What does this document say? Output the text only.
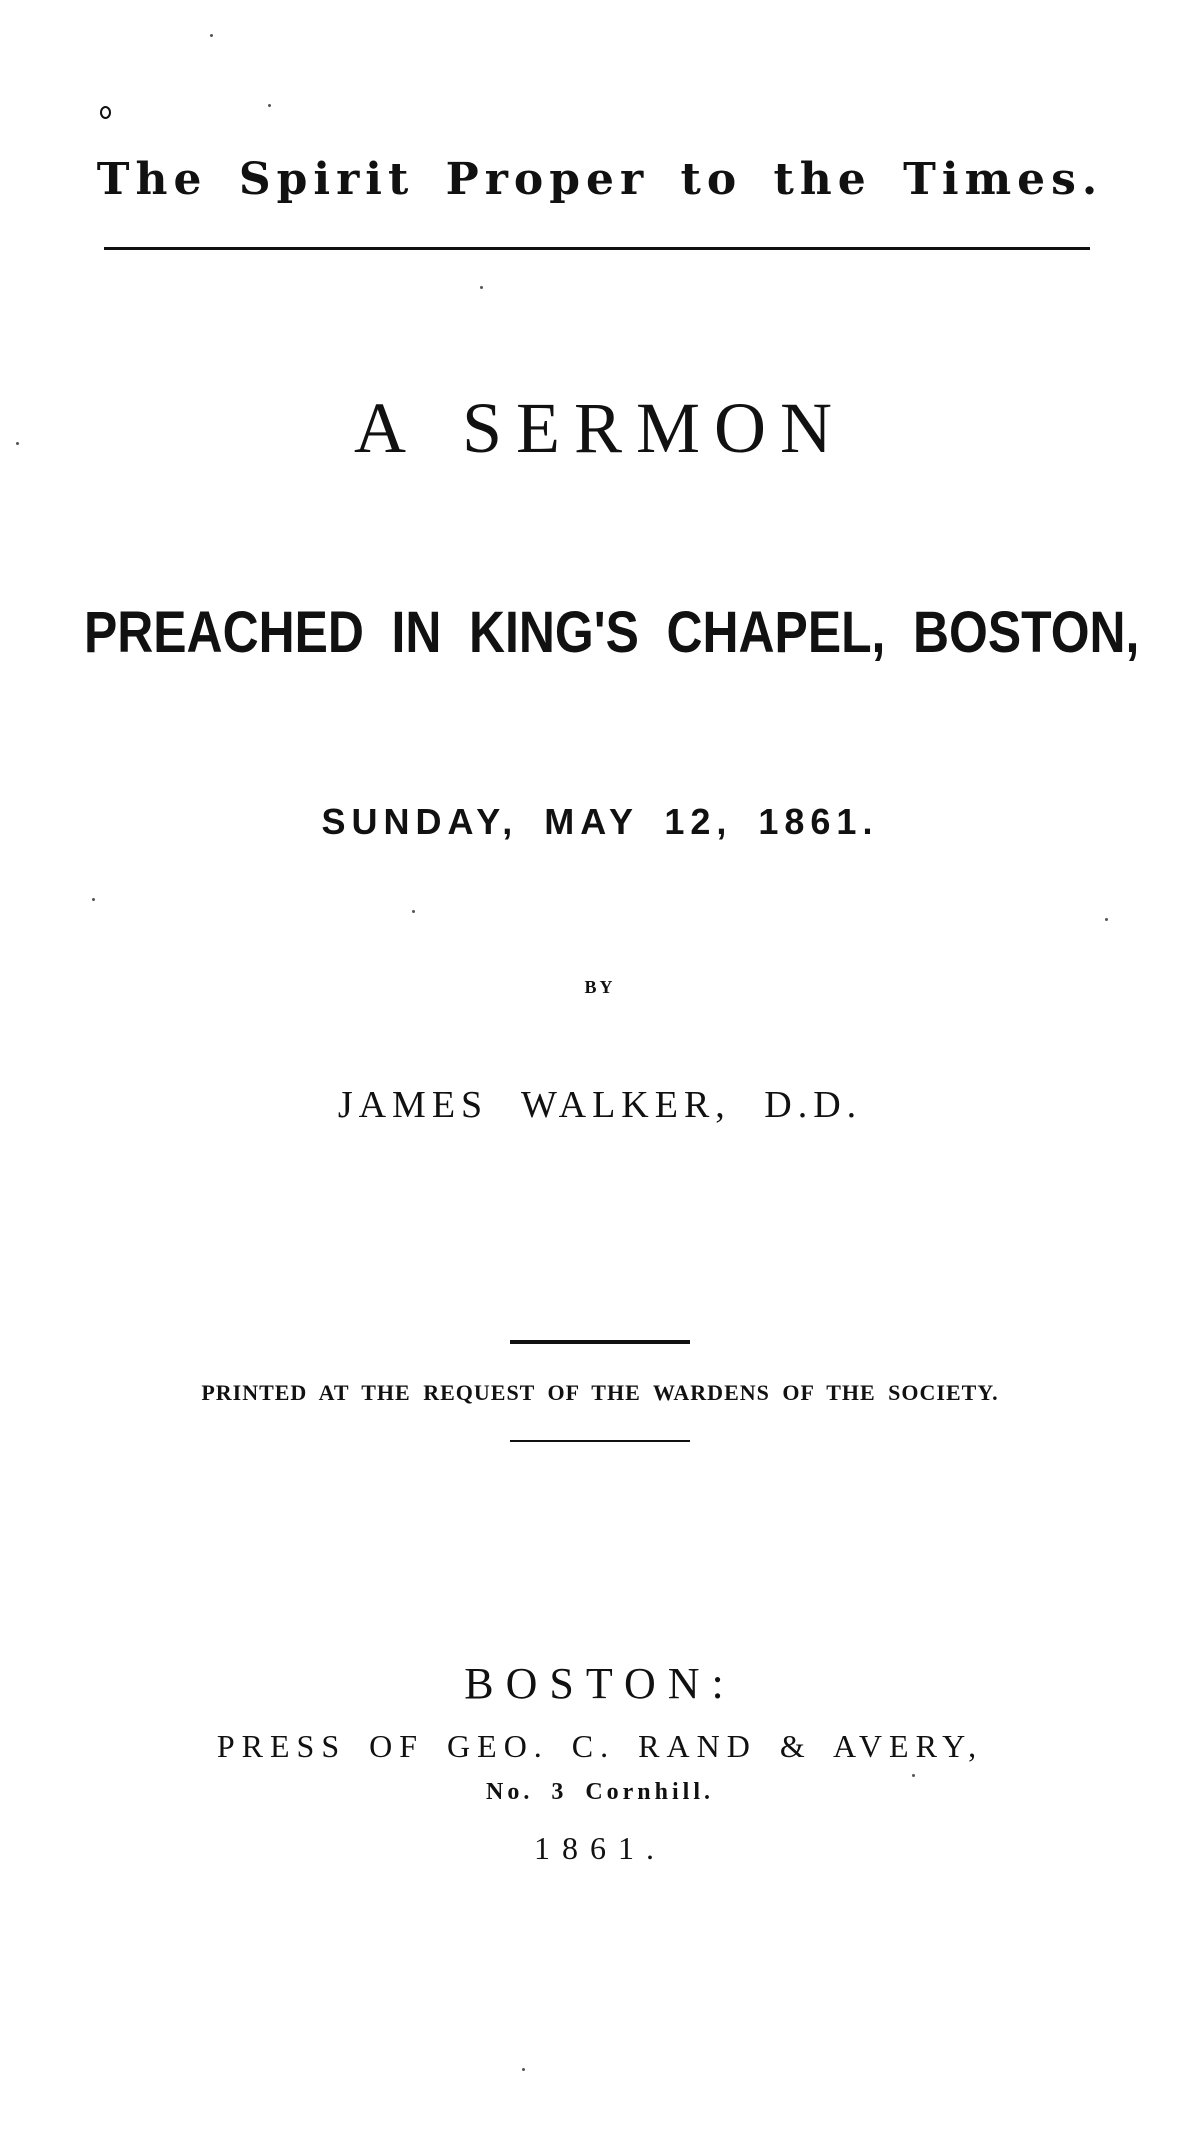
The Spirit Proper to the Times.
A SERMON
PREACHED IN KING'S CHAPEL, BOSTON,
SUNDAY, MAY 12, 1861.
BY
JAMES WALKER, D.D.
PRINTED AT THE REQUEST OF THE WARDENS OF THE SOCIETY.
BOSTON:
PRESS OF GEO. C. RAND & AVERY,
No. 3 Cornhill.
1861.
